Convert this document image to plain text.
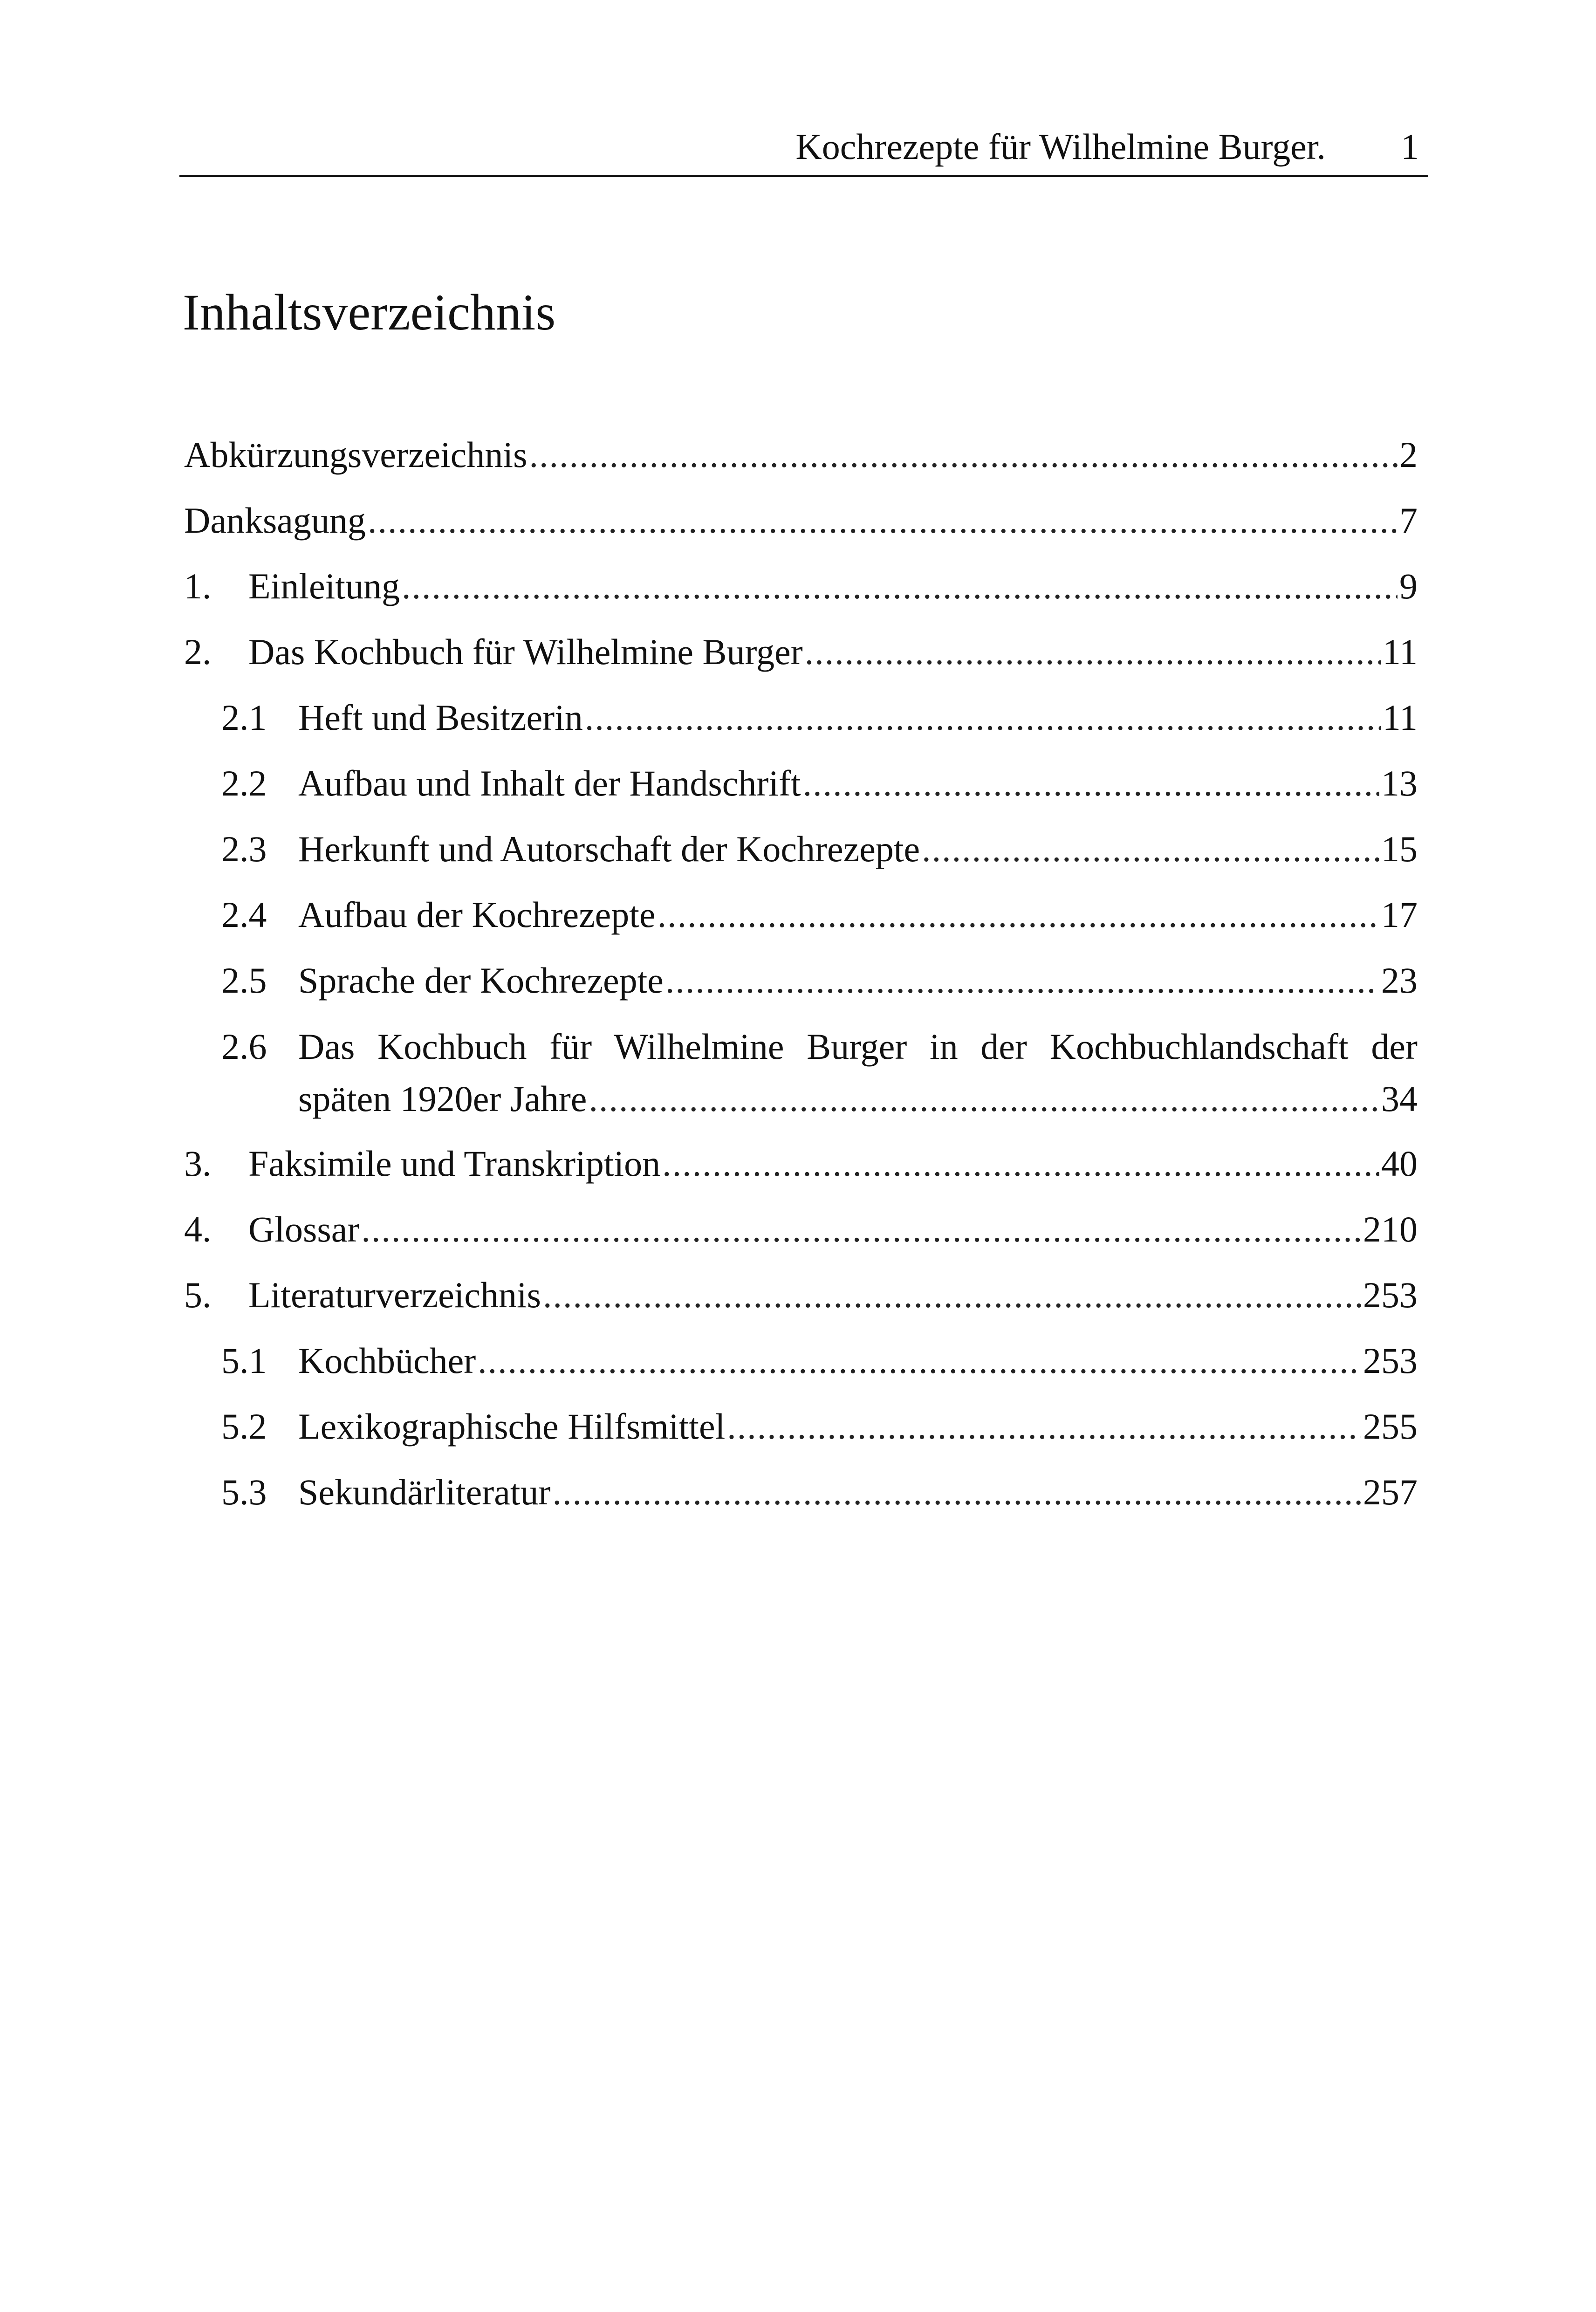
Kochrezepte für Wilhelmine Burger. 1
Inhaltsverzeichnis
Abkürzungsverzeichnis .....	2
Danksagung .....	7
1. Einleitung .....	9
2. Das Kochbuch für Wilhelmine Burger .....	11
2.1 Heft und Besitzerin .....	11
2.2 Aufbau und Inhalt der Handschrift .....	13
2.3 Herkunft und Autorschaft der Kochrezepte .....	15
2.4 Aufbau der Kochrezepte .....	17
2.5 Sprache der Kochrezepte .....	23
2.6 Das Kochbuch für Wilhelmine Burger in der Kochbuchlandschaft der
späten 1920er Jahre .....	34
3. Faksimile und Transkription .....	40
4. Glossar .....	210
5. Literaturverzeichnis .....	253
5.1 Kochbücher .....	253
5.2 Lexikographische Hilfsmittel .....	255
5.3 Sekundärliteratur .....	257
